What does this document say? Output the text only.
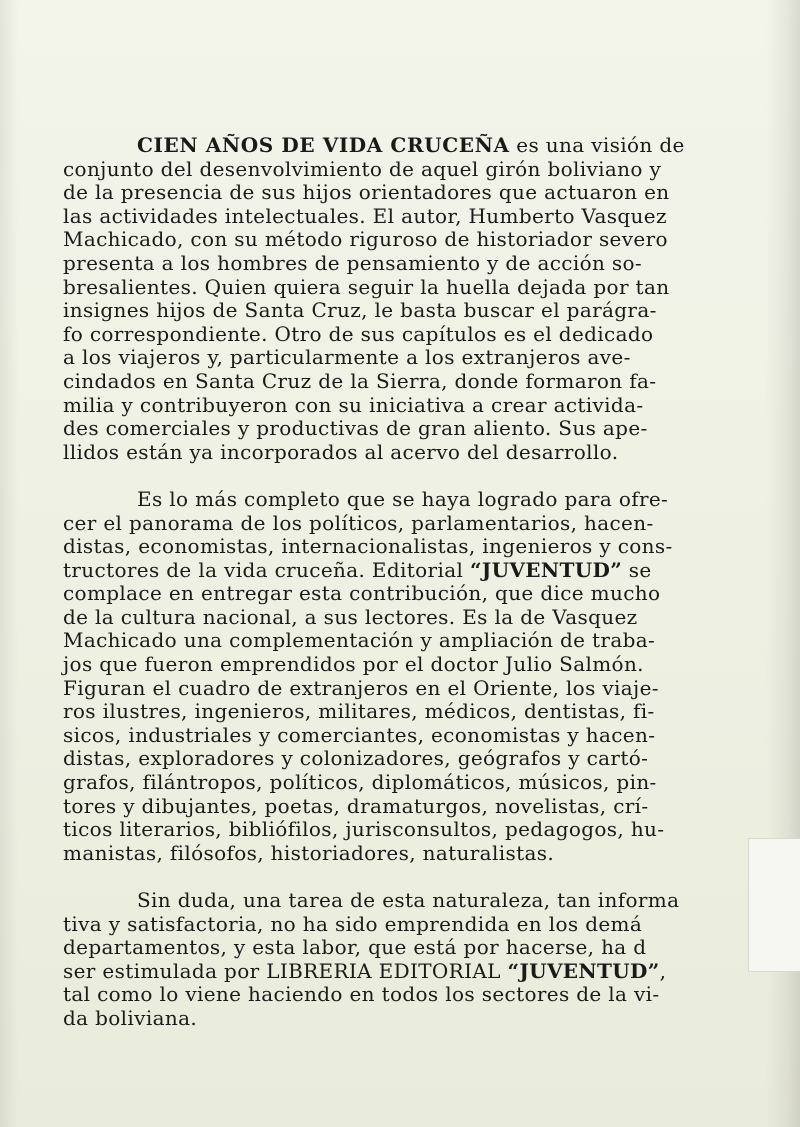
CIEN AÑOS DE VIDA CRUCEÑA es una visión de
conjunto del desenvolvimiento de aquel girón boliviano y
de la presencia de sus hijos orientadores que actuaron en
las actividades intelectuales. El autor, Humberto Vasquez
Machicado, con su método riguroso de historiador severo
presenta a los hombres de pensamiento y de acción so-
bresalientes. Quien quiera seguir la huella dejada por tan
insignes hijos de Santa Cruz, le basta buscar el parágra-
fo correspondiente. Otro de sus capítulos es el dedicado
a los viajeros y, particularmente a los extranjeros ave-
cindados en Santa Cruz de la Sierra, donde formaron fa-
milia y contribuyeron con su iniciativa a crear activida-
des comerciales y productivas de gran aliento. Sus ape-
llidos están ya incorporados al acervo del desarrollo.

Es lo más completo que se haya logrado para ofre-
cer el panorama de los políticos, parlamentarios, hacen-
distas, economistas, internacionalistas, ingenieros y cons-
tructores de la vida cruceña. Editorial “JUVENTUD” se
complace en entregar esta contribución, que dice mucho
de la cultura nacional, a sus lectores. Es la de Vasquez
Machicado una complementación y ampliación de traba-
jos que fueron emprendidos por el doctor Julio Salmón.
Figuran el cuadro de extranjeros en el Oriente, los viaje-
ros ilustres, ingenieros, militares, médicos, dentistas, fi-
sicos, industriales y comerciantes, economistas y hacen-
distas, exploradores y colonizadores, geógrafos y cartó-
grafos, filántropos, políticos, diplomáticos, músicos, pin-
tores y dibujantes, poetas, dramaturgos, novelistas, crí-
ticos literarios, bibliófilos, jurisconsultos, pedagogos, hu-
manistas, filósofos, historiadores, naturalistas.

Sin duda, una tarea de esta naturaleza, tan informa
tiva y satisfactoria, no ha sido emprendida en los demá
departamentos, y esta labor, que está por hacerse, ha d
ser estimulada por LIBRERIA EDITORIAL “JUVENTUD”,
tal como lo viene haciendo en todos los sectores de la vi-
da boliviana.
